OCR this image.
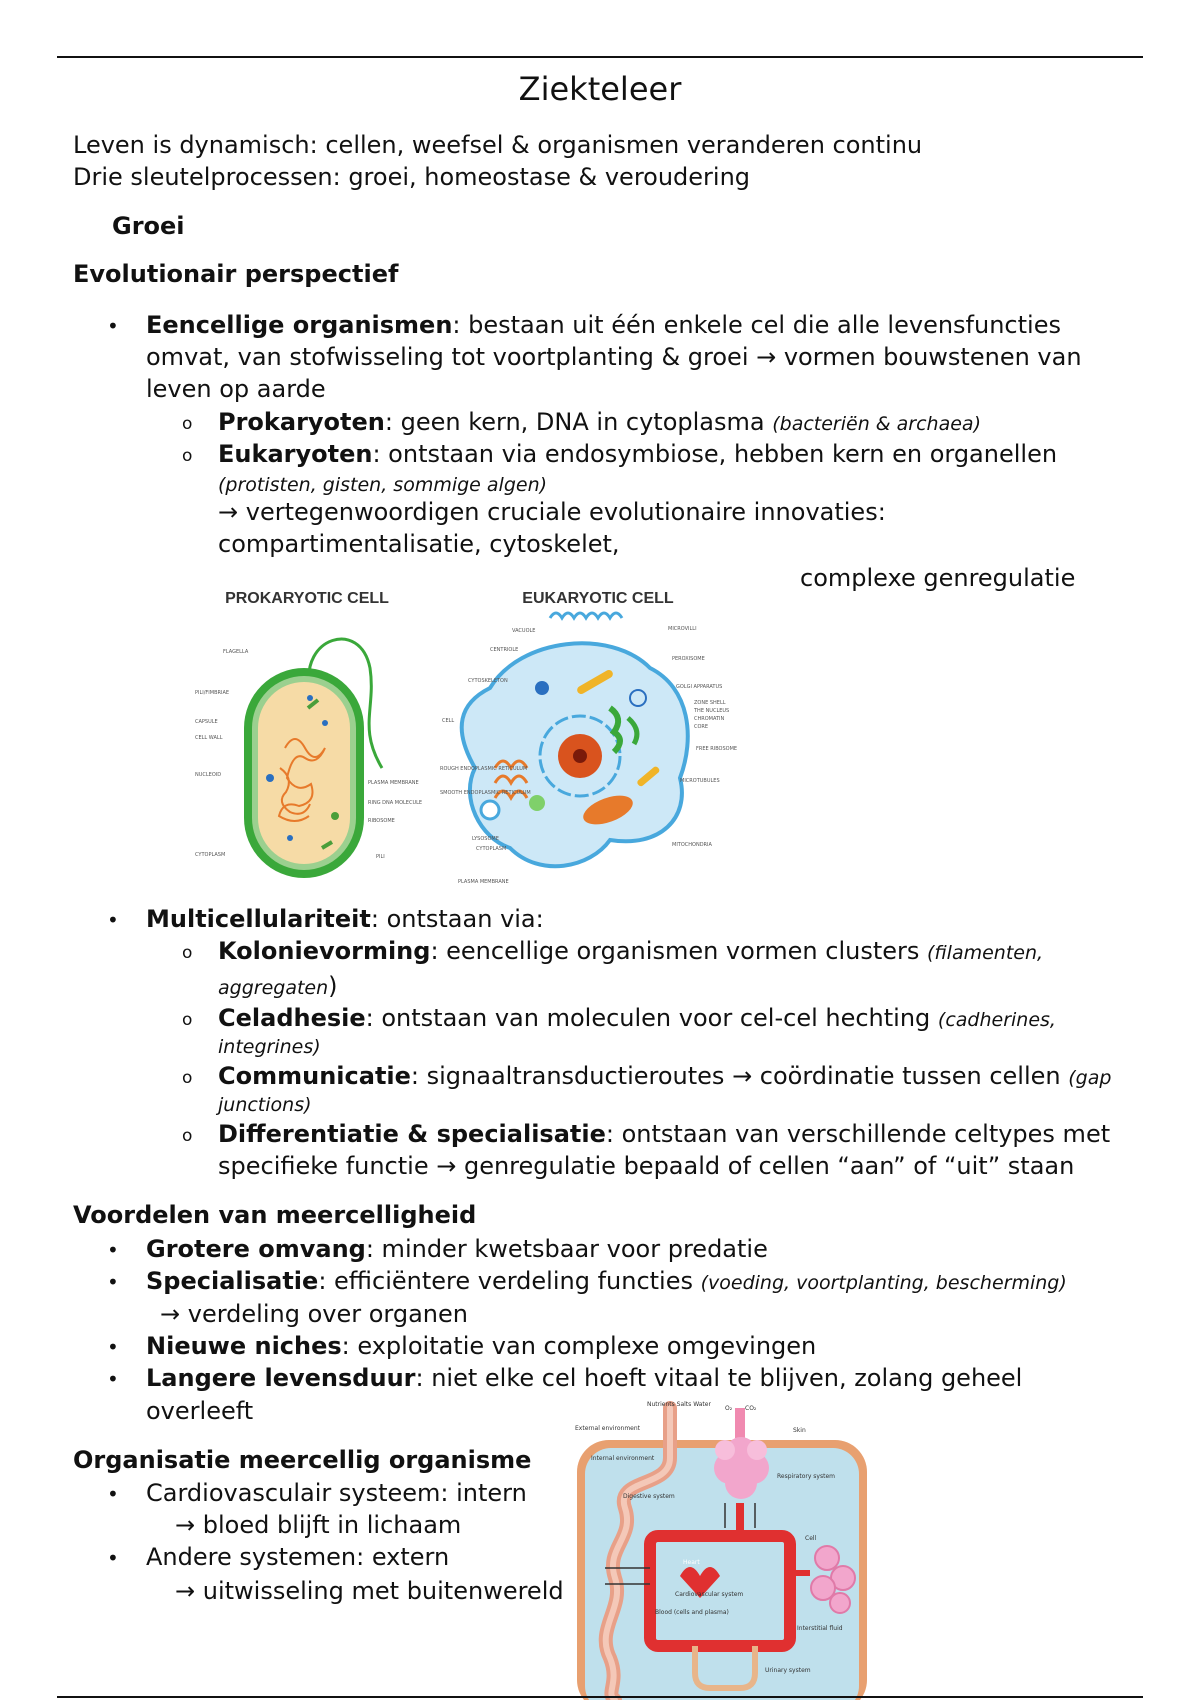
Ziekteleer
Leven is dynamisch: cellen, weefsel & organismen veranderen continu
Drie sleutelprocessen: groei, homeostase & veroudering
Groei
Evolutionair perspectief
• Eencellige organismen: bestaan uit één enkele cel die alle levensfuncties
omvat, van stofwisseling tot voortplanting & groei → vormen bouwstenen van
leven op aarde
o Prokaryoten: geen kern, DNA in cytoplasma (bacteriën & archaea)
o Eukaryoten: ontstaan via endosymbiose, hebben kern en organellen
(protisten, gisten, sommige algen)
→ vertegenwoordigen cruciale evolutionaire innovaties:
compartimentalisatie, cytoskelet,
complexe genregulatie
PROKARYOTIC CELL	EUKARYOTIC CELL
FLAGELLA
PILI/FIMBRIAE
CAPSULE
CELL WALL
NUCLEOID
CYTOPLASM
PLASMA MEMBRANE
RING DNA MOLECULE
RIBOSOME
PILI
VACUOLE
CENTRIOLE
CYTOSKELETON
CELL
ROUGH ENDOPLASMIC RETICULUM
SMOOTH ENDOPLASMIC RETICULUM
LYSOSOME
CYTOPLASM
PLASMA MEMBRANE
MICROVILLI
PEROXISOME
GOLGI APPARATUS
ZONE SHELL
THE NUCLEUS
CHROMATIN
CORE
FREE RIBOSOME
MICROTUBULES
MITOCHONDRIA
• Multicellulariteit: ontstaan via:
o Kolonievorming: eencellige organismen vormen clusters (filamenten,
aggregaten)
o Celadhesie: ontstaan van moleculen voor cel-cel hechting (cadherines,
integrines)
o Communicatie: signaaltransductieroutes → coördinatie tussen cellen (gap
junctions)
o Differentiatie & specialisatie: ontstaan van verschillende celtypes met
specifieke functie → genregulatie bepaald of cellen “aan” of “uit” staan
Voordelen van meercelligheid
• Grotere omvang: minder kwetsbaar voor predatie
• Specialisatie: efficiëntere verdeling functies (voeding, voortplanting, bescherming)
→ verdeling over organen
• Nieuwe niches: exploitatie van complexe omgevingen
• Langere levensduur: niet elke cel hoeft vitaal te blijven, zolang geheel
overleeft
Organisatie meercellig organisme
• Cardiovasculair systeem: intern
→ bloed blijft in lichaam
• Andere systemen: extern
→ uitwisseling met buitenwereld
Nutrients Salts Water
O₂ CO₂
External environment	Skin
Internal environment
Respiratory system
Digestive system
Cell
Heart
Cardiovascular system
Blood (cells and plasma)
Interstitial fluid
Urinary system
